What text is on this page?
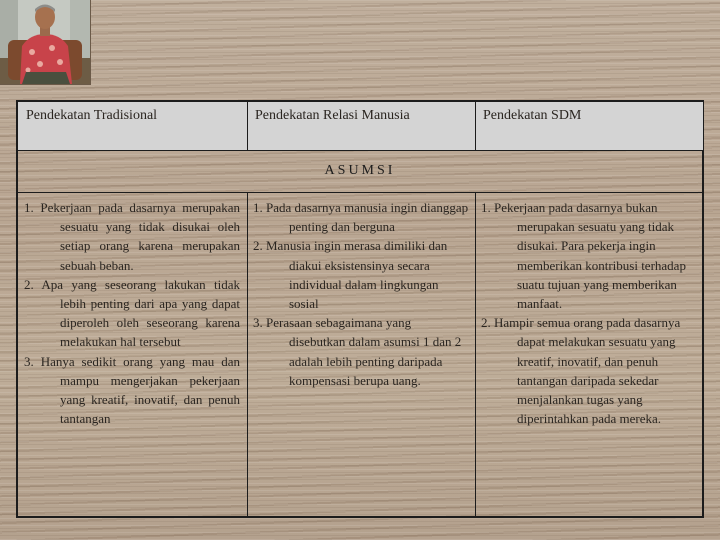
Pendekatan Tradisional	Pendekatan Relasi Manusia	Pendekatan SDM
ASUMSI

1. Pekerjaan pada dasarnya merupakan sesuatu yang tidak disukai oleh setiap orang karena merupakan sebuah beban.

2. Apa yang seseorang lakukan tidak lebih penting dari apa yang dapat diperoleh oleh seseorang karena melakukan hal tersebut

3. Hanya sedikit orang yang mau dan mampu mengerjakan pekerjaan yang kreatif, inovatif, dan penuh tantangan

1. Pada dasarnya manusia ingin dianggap penting dan berguna

2. Manusia ingin merasa dimiliki dan diakui eksistensinya secara individual dalam lingkungan sosial

3. Perasaan sebagaimana yang disebutkan dalam asumsi 1 dan 2 adalah lebih penting daripada kompensasi berupa uang.

1. Pekerjaan pada dasarnya bukan merupakan sesuatu yang tidak disukai. Para pekerja ingin memberikan kontribusi terhadap suatu tujuan yang memberikan manfaat.

2. Hampir semua orang pada dasarnya dapat melakukan sesuatu yang kreatif, inovatif, dan penuh tantangan daripada sekedar menjalankan tugas yang diperintahkan pada mereka.
